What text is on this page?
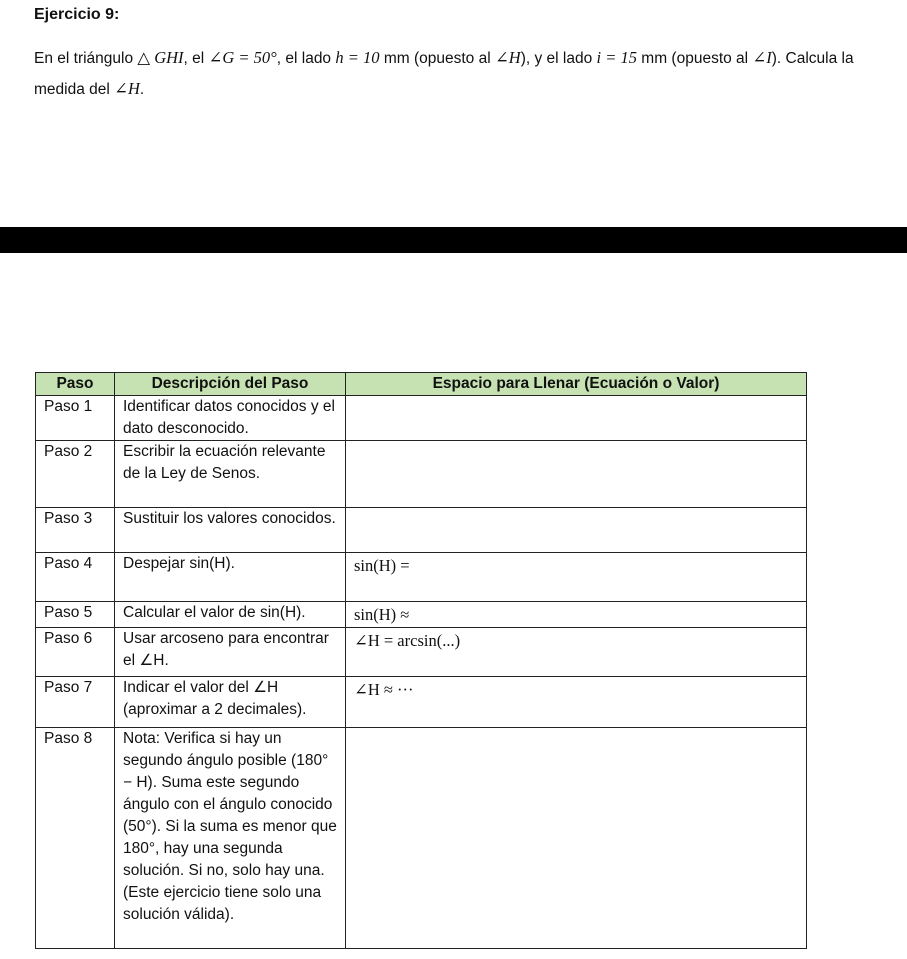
Ejercicio 9:
En el triángulo △ GHI, el ∠G = 50°, el lado h = 10 mm (opuesto al ∠H), y el lado i = 15 mm (opuesto al ∠I). Calcula la medida del ∠H.
Paso	Descripción del Paso	Espacio para Llenar (Ecuación o Valor)
Paso 1	Identificar datos conocidos y el dato desconocido.	
Paso 2	Escribir la ecuación relevante de la Ley de Senos.	
Paso 3	Sustituir los valores conocidos.	
Paso 4	Despejar sin(H).	sin(H) =
Paso 5	Calcular el valor de sin(H).	sin(H) ≈
Paso 6	Usar arcoseno para encontrar el ∠H.	∠H = arcsin(...)
Paso 7	Indicar el valor del ∠H (aproximar a 2 decimales).	∠H ≈ ···
Paso 8	Nota: Verifica si hay un segundo ángulo posible (180° − H). Suma este segundo ángulo con el ángulo conocido (50°). Si la suma es menor que 180°, hay una segunda solución. Si no, solo hay una. (Este ejercicio tiene solo una solución válida).	
